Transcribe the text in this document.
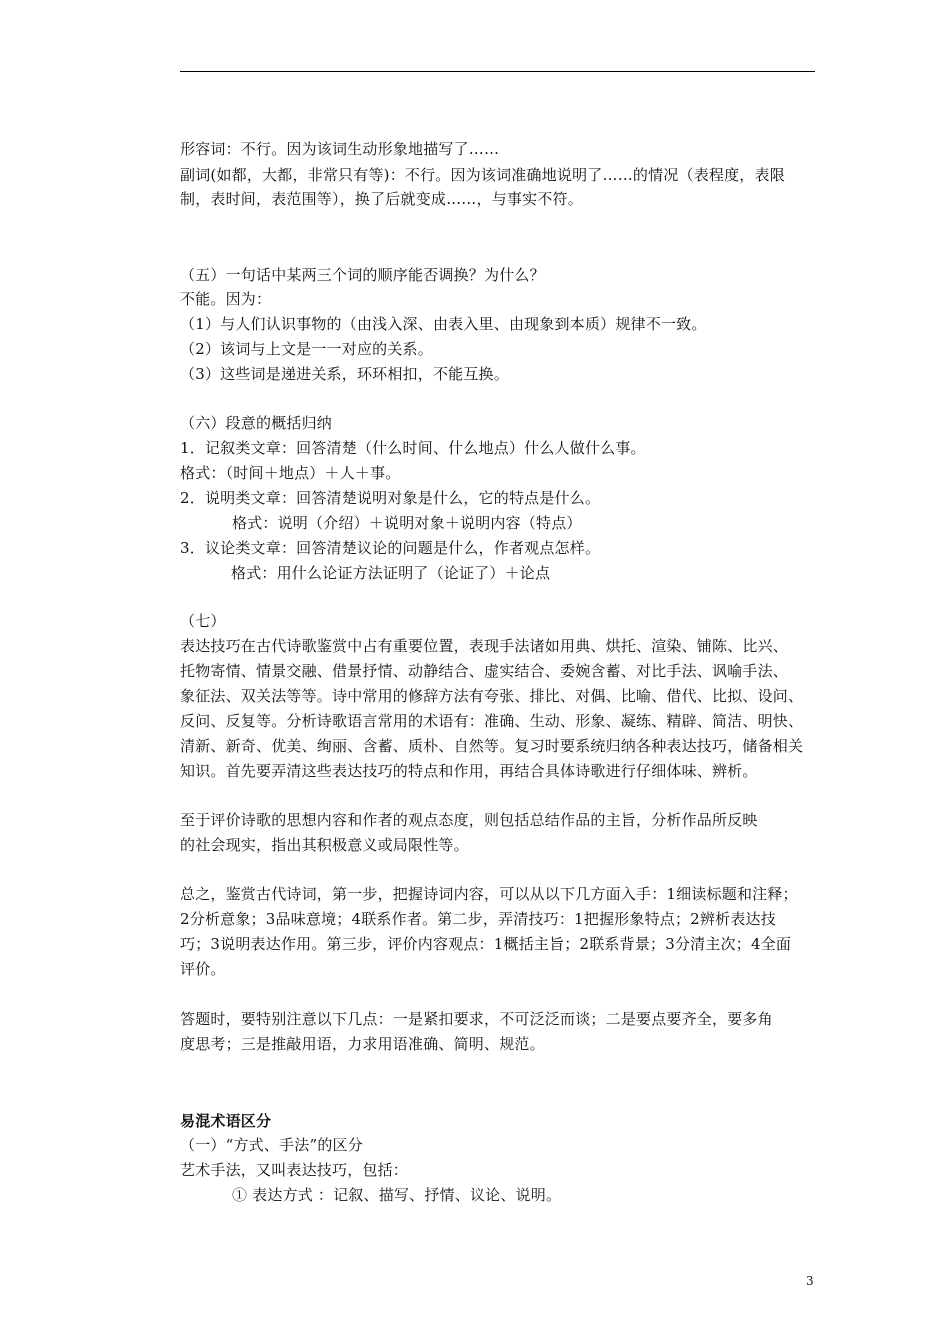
形容词：不行。因为该词生动形象地描写了……
副词(如都，大都，非常只有等)：不行。因为该词准确地说明了……的情况（表程度，表限
制，表时间，表范围等），换了后就变成……，与事实不符。
（五）一句话中某两三个词的顺序能否调换？为什么？
不能。因为：
（1）与人们认识事物的（由浅入深、由表入里、由现象到本质）规律不一致。
（2）该词与上文是一一对应的关系。
（3）这些词是递进关系，环环相扣，不能互换。
（六）段意的概括归纳
1．记叙类文章：回答清楚（什么时间、什么地点）什么人做什么事。
格式：（时间＋地点）＋人＋事。
2．说明类文章：回答清楚说明对象是什么，它的特点是什么。
格式：说明（介绍）＋说明对象＋说明内容（特点）
3．议论类文章：回答清楚议论的问题是什么，作者观点怎样。
格式：用什么论证方法证明了（论证了）＋论点
（七）
表达技巧在古代诗歌鉴赏中占有重要位置，表现手法诸如用典、烘托、渲染、铺陈、比兴、
托物寄情、情景交融、借景抒情、动静结合、虚实结合、委婉含蓄、对比手法、讽喻手法、
象征法、双关法等等。诗中常用的修辞方法有夸张、排比、对偶、比喻、借代、比拟、设问、
反问、反复等。分析诗歌语言常用的术语有：准确、生动、形象、凝练、精辟、简洁、明快、
清新、新奇、优美、绚丽、含蓄、质朴、自然等。复习时要系统归纳各种表达技巧，储备相关
知识。首先要弄清这些表达技巧的特点和作用，再结合具体诗歌进行仔细体味、辨析。
至于评价诗歌的思想内容和作者的观点态度，则包括总结作品的主旨，分析作品所反映
的社会现实，指出其积极意义或局限性等。
总之，鉴赏古代诗词，第一步，把握诗词内容，可以从以下几方面入手：1细读标题和注释；
2分析意象；3品味意境；4联系作者。第二步，弄清技巧：1把握形象特点；2辨析表达技
巧；3说明表达作用。第三步，评价内容观点：1概括主旨；2联系背景；3分清主次；4全面
评价。
答题时，要特别注意以下几点：一是紧扣要求，不可泛泛而谈；二是要点要齐全，要多角
度思考；三是推敲用语，力求用语准确、简明、规范。
易混术语区分
（一）“方式、手法”的区分
艺术手法，又叫表达技巧，包括：
① 表达方式 ：记叙、描写、抒情、议论、说明。
3
